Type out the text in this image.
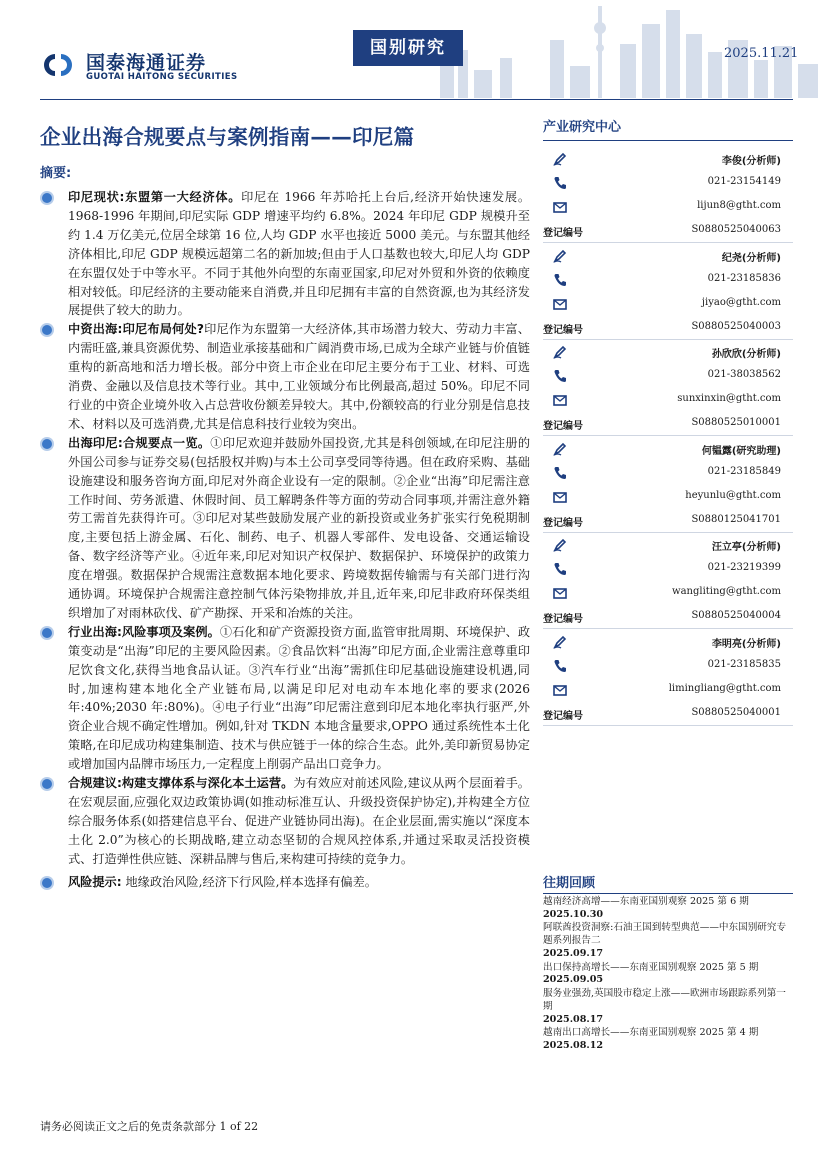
国泰海通证券
GUOTAI HAITONG SECURITIES
国别研究	2025.11.21
企业出海合规要点与案例指南——印尼篇
摘要:
印尼现状:东盟第一大经济体。印尼在 1966 年苏哈托上台后,经济开始快速发展。1968-1996 年期间,印尼实际 GDP 增速平均约 6.8%。2024 年印尼 GDP 规模升至约 1.4 万亿美元,位居全球第 16 位,人均 GDP 水平也接近 5000 美元。与东盟其他经济体相比,印尼 GDP 规模远超第二名的新加坡;但由于人口基数也较大,印尼人均 GDP 在东盟仅处于中等水平。不同于其他外向型的东南亚国家,印尼对外贸和外资的依赖度相对较低。印尼经济的主要动能来自消费,并且印尼拥有丰富的自然资源,也为其经济发展提供了较大的助力。
中资出海:印尼布局何处?印尼作为东盟第一大经济体,其市场潜力较大、劳动力丰富、内需旺盛,兼具资源优势、制造业承接基础和广阔消费市场,已成为全球产业链与价值链重构的新高地和活力增长极。部分中资上市企业在印尼主要分布于工业、材料、可选消费、金融以及信息技术等行业。其中,工业领域分布比例最高,超过 50%。印尼不同行业的中资企业境外收入占总营收份额差异较大。其中,份额较高的行业分别是信息技术、材料以及可选消费,尤其是信息科技行业较为突出。
出海印尼:合规要点一览。①印尼欢迎并鼓励外国投资,尤其是科创领域,在印尼注册的外国公司参与证券交易(包括股权并购)与本土公司享受同等待遇。但在政府采购、基础设施建设和服务咨询方面,印尼对外商企业设有一定的限制。②企业“出海”印尼需注意工作时间、劳务派遣、休假时间、员工解聘条件等方面的劳动合同事项,并需注意外籍劳工需首先获得许可。③印尼对某些鼓励发展产业的新投资或业务扩张实行免税期制度,主要包括上游金属、石化、制药、电子、机器人零部件、发电设备、交通运输设备、数字经济等产业。④近年来,印尼对知识产权保护、数据保护、环境保护的政策力度在增强。数据保护合规需注意数据本地化要求、跨境数据传输需与有关部门进行沟通协调。环境保护合规需注意控制气体污染物排放,并且,近年来,印尼非政府环保类组织增加了对雨林砍伐、矿产勘探、开采和冶炼的关注。
行业出海:风险事项及案例。①石化和矿产资源投资方面,监管审批周期、环境保护、政策变动是“出海”印尼的主要风险因素。②食品饮料“出海”印尼方面,企业需注意尊重印尼饮食文化,获得当地食品认证。③汽车行业“出海”需抓住印尼基础设施建设机遇,同时,加速构建本地化全产业链布局,以满足印尼对电动车本地化率的要求(2026 年:40%;2030 年:80%)。④电子行业“出海”印尼需注意到印尼本地化率执行驱严,外资企业合规不确定性增加。例如,针对 TKDN 本地含量要求,OPPO 通过系统性本土化策略,在印尼成功构建集制造、技术与供应链于一体的综合生态。此外,美印新贸易协定或增加国内品牌市场压力,一定程度上削弱产品出口竞争力。
合规建议:构建支撑体系与深化本土运营。为有效应对前述风险,建议从两个层面着手。在宏观层面,应强化双边政策协调(如推动标准互认、升级投资保护协定),并构建全方位综合服务体系(如搭建信息平台、促进产业链协同出海)。在企业层面,需实施以“深度本土化 2.0”为核心的长期战略,建立动态坚韧的合规风控体系,并通过采取灵活投资模式、打造弹性供应链、深耕品牌与售后,来构建可持续的竞争力。
风险提示: 地缘政治风险,经济下行风险,样本选择有偏差。
产业研究中心
李俊(分析师)
021-23154149
lijun8@gtht.com
登记编号	S0880525040063
纪尧(分析师)
021-23185836
jiyao@gtht.com
登记编号	S0880525040003
孙欣欣(分析师)
021-38038562
sunxinxin@gtht.com
登记编号	S0880525010001
何韫露(研究助理)
021-23185849
heyunlu@gtht.com
登记编号	S0880125041701
汪立亭(分析师)
021-23219399
wangliting@gtht.com
登记编号	S0880525040004
李明亮(分析师)
021-23185835
limingliang@gtht.com
登记编号	S0880525040001
往期回顾
越南经济高增——东南亚国别观察 2025 第 6 期
2025.10.30
阿联酋投资洞察:石油王国到转型典范——中东国别研究专题系列报告二
2025.09.17
出口保持高增长——东南亚国别观察 2025 第 5 期
2025.09.05
服务业强劲,英国股市稳定上涨——欧洲市场跟踪系列第一期
2025.08.17
越南出口高增长——东南亚国别观察 2025 第 4 期
2025.08.12
请务必阅读正文之后的免责条款部分 1 of 22
